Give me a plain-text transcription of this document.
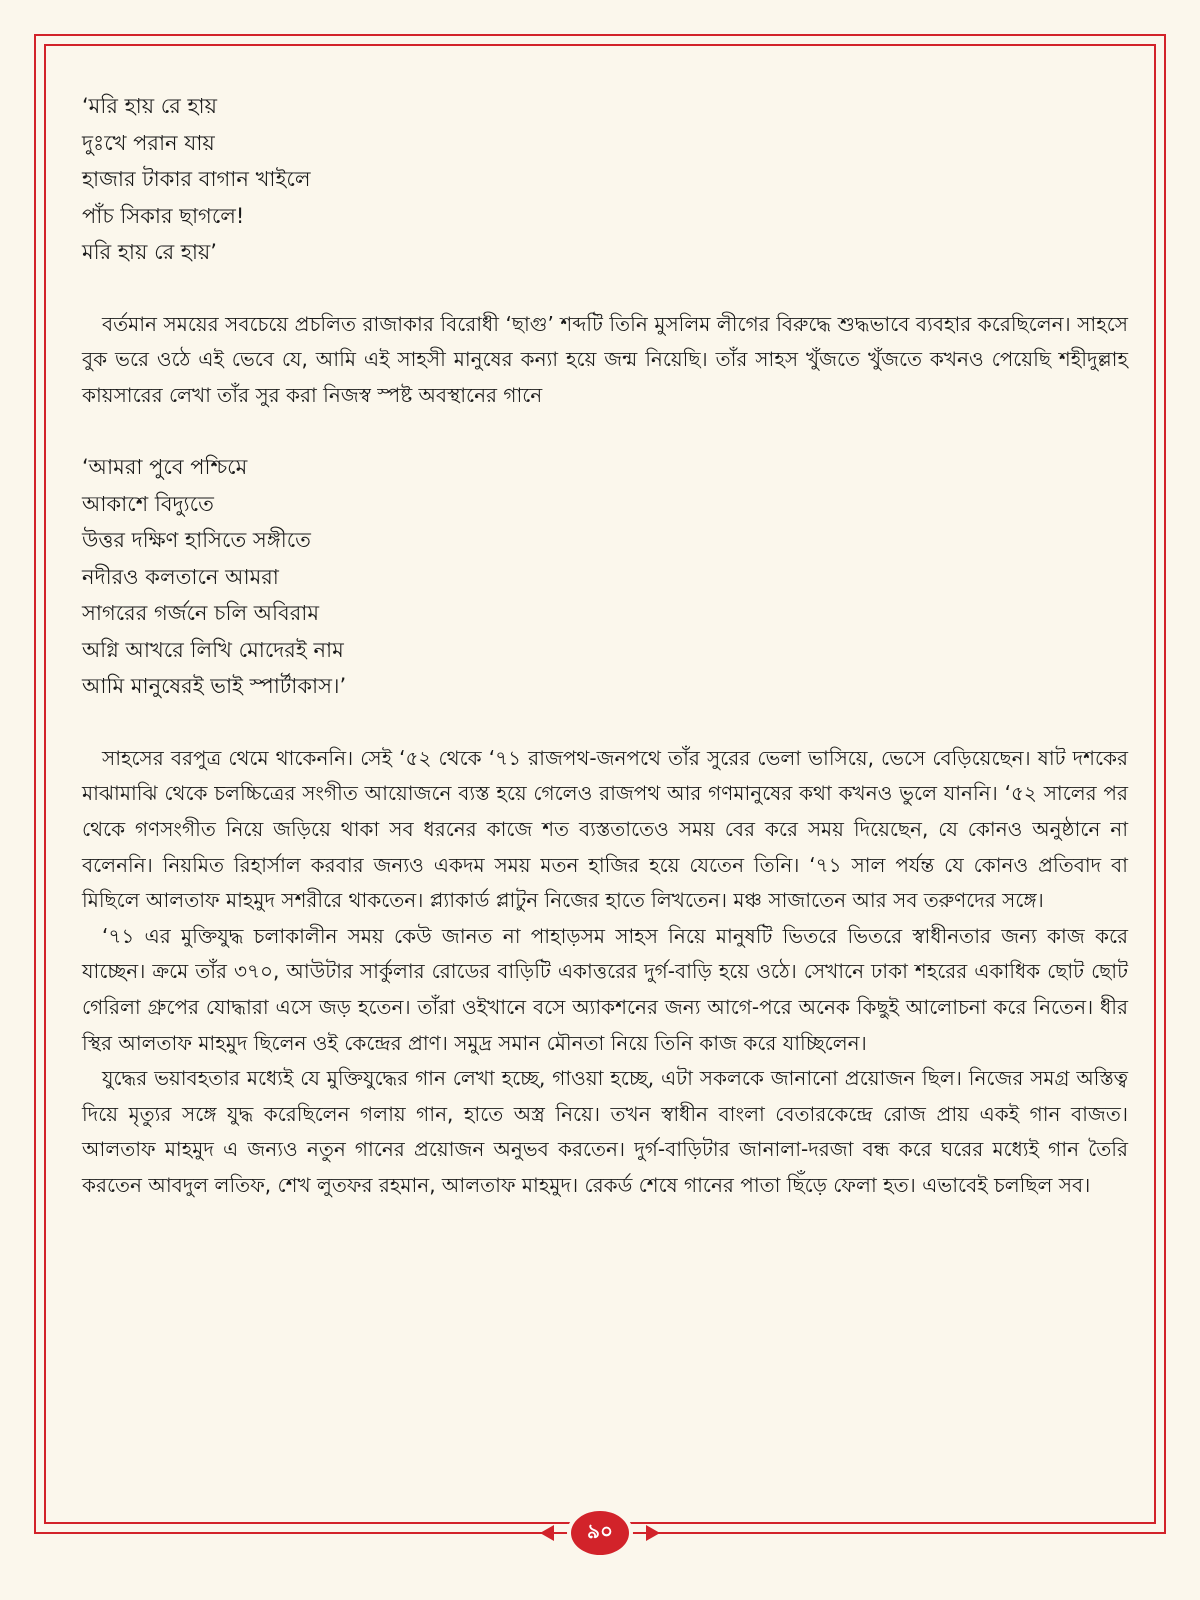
‘মরি হায় রে হায়
দুঃখে পরান যায়
হাজার টাকার বাগান খাইলে
পাঁচ সিকার ছাগলে!
মরি হায় রে হায়’

বর্তমান সময়ের সবচেয়ে প্রচলিত রাজাকার বিরোধী ‘ছাগু’ শব্দটি তিনি মুসলিম লীগের বিরুদ্ধে শুদ্ধভাবে ব্যবহার করেছিলেন। সাহসে বুক ভরে ওঠে এই ভেবে যে, আমি এই সাহসী মানুষের কন্যা হয়ে জন্ম নিয়েছি। তাঁর সাহস খুঁজতে খুঁজতে কখনও পেয়েছি শহীদুল্লাহ কায়সারের লেখা তাঁর সুর করা নিজস্ব স্পষ্ট অবস্থানের গানে

‘আমরা পুবে পশ্চিমে
আকাশে বিদ্যুতে
উত্তর দক্ষিণ হাসিতে সঙ্গীতে
নদীরও কলতানে আমরা
সাগরের গর্জনে চলি অবিরাম
অগ্নি আখরে লিখি মোদেরই নাম
আমি মানুষেরই ভাই স্পার্টাকাস।’

সাহসের বরপুত্র থেমে থাকেননি। সেই ‘৫২ থেকে ‘৭১ রাজপথ-জনপথে তাঁর সুরের ভেলা ভাসিয়ে, ভেসে বেড়িয়েছেন। ষাট দশকের মাঝামাঝি থেকে চলচ্চিত্রের সংগীত আয়োজনে ব্যস্ত হয়ে গেলেও রাজপথ আর গণমানুষের কথা কখনও ভুলে যাননি। ‘৫২ সালের পর থেকে গণসংগীত নিয়ে জড়িয়ে থাকা সব ধরনের কাজে শত ব্যস্ততাতেও সময় বের করে সময় দিয়েছেন, যে কোনও অনুষ্ঠানে না বলেননি। নিয়মিত রিহার্সাল করবার জন্যও একদম সময় মতন হাজির হয়ে যেতেন তিনি। ‘৭১ সাল পর্যন্ত যে কোনও প্রতিবাদ বা মিছিলে আলতাফ মাহমুদ সশরীরে থাকতেন। প্ল্যাকার্ড প্লাটুন নিজের হাতে লিখতেন। মঞ্চ সাজাতেন আর সব তরুণদের সঙ্গে।

‘৭১ এর মুক্তিযুদ্ধ চলাকালীন সময় কেউ জানত না পাহাড়সম সাহস নিয়ে মানুষটি ভিতরে ভিতরে স্বাধীনতার জন্য কাজ করে যাচ্ছেন। ক্রমে তাঁর ৩৭০, আউটার সার্কুলার রোডের বাড়িটি একাত্তরের দুর্গ-বাড়ি হয়ে ওঠে। সেখানে ঢাকা শহরের একাধিক ছোট ছোট গেরিলা গ্রুপের যোদ্ধারা এসে জড় হতেন। তাঁরা ওইখানে বসে অ্যাকশনের জন্য আগে-পরে অনেক কিছুই আলোচনা করে নিতেন। ধীর স্থির আলতাফ মাহমুদ ছিলেন ওই কেন্দ্রের প্রাণ। সমুদ্র সমান মৌনতা নিয়ে তিনি কাজ করে যাচ্ছিলেন।

যুদ্ধের ভয়াবহতার মধ্যেই যে মুক্তিযুদ্ধের গান লেখা হচ্ছে, গাওয়া হচ্ছে, এটা সকলকে জানানো প্রয়োজন ছিল। নিজের সমগ্র অস্তিত্ব দিয়ে মৃত্যুর সঙ্গে যুদ্ধ করেছিলেন গলায় গান, হাতে অস্ত্র নিয়ে। তখন স্বাধীন বাংলা বেতারকেন্দ্রে রোজ প্রায় একই গান বাজত। আলতাফ মাহমুদ এ জন্যও নতুন গানের প্রয়োজন অনুভব করতেন। দুর্গ-বাড়িটার জানালা-দরজা বন্ধ করে ঘরের মধ্যেই গান তৈরি করতেন আবদুল লতিফ, শেখ লুতফর রহমান, আলতাফ মাহমুদ। রেকর্ড শেষে গানের পাতা ছিঁড়ে ফেলা হত। এভাবেই চলছিল সব।

৯০
